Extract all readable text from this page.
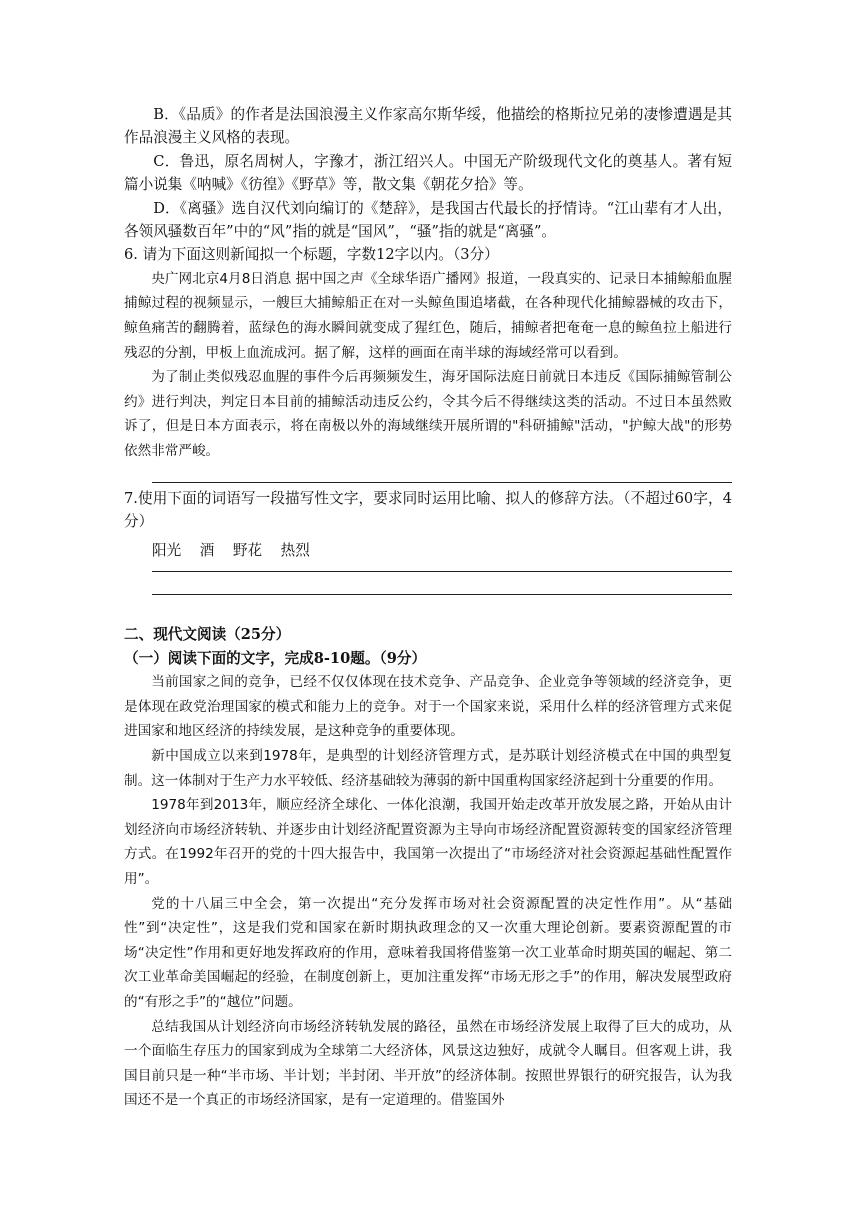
B．《品质》的作者是法国浪漫主义作家高尔斯华绥，他描绘的格斯拉兄弟的凄惨遭遇是其作品浪漫主义风格的表现。

C．鲁迅，原名周树人，字豫才，浙江绍兴人。中国无产阶级现代文化的奠基人。著有短篇小说集《呐喊》《彷徨》《野草》等，散文集《朝花夕拾》等。

D．《离骚》选自汉代刘向编订的《楚辞》，是我国古代最长的抒情诗。“江山辈有才人出，各领风骚数百年”中的“风”指的就是“国风”，“骚”指的就是“离骚”。

6. 请为下面这则新闻拟一个标题，字数12字以内。（3分）

央广网北京4月8日消息 据中国之声《全球华语广播网》报道，一段真实的、记录日本捕鲸船血腥捕鲸过程的视频显示，一艘巨大捕鲸船正在对一头鲸鱼围追堵截，在各种现代化捕鲸器械的攻击下，鲸鱼痛苦的翻腾着，蓝绿色的海水瞬间就变成了猩红色，随后，捕鲸者把奄奄一息的鲸鱼拉上船进行残忍的分割，甲板上血流成河。据了解，这样的画面在南半球的海域经常可以看到。

为了制止类似残忍血腥的事件今后再频频发生，海牙国际法庭日前就日本违反《国际捕鲸管制公约》进行判决，判定日本目前的捕鲸活动违反公约，令其今后不得继续这类的活动。不过日本虽然败诉了，但是日本方面表示，将在南极以外的海域继续开展所谓的"科研捕鲸"活动，"护鲸大战"的形势依然非常严峻。

7.使用下面的词语写一段描写性文字，要求同时运用比喻、拟人的修辞方法。（不超过60字，4分）

阳光    酒    野花    热烈

二、现代文阅读（25分）

（一）阅读下面的文字，完成8-10题。（9分）

当前国家之间的竞争，已经不仅仅体现在技术竞争、产品竞争、企业竞争等领域的经济竞争，更是体现在政党治理国家的模式和能力上的竞争。对于一个国家来说，采用什么样的经济管理方式来促进国家和地区经济的持续发展，是这种竞争的重要体现。

新中国成立以来到1978年，是典型的计划经济管理方式，是苏联计划经济模式在中国的典型复制。这一体制对于生产力水平较低、经济基础较为薄弱的新中国重构国家经济起到十分重要的作用。

1978年到2013年，顺应经济全球化、一体化浪潮，我国开始走改革开放发展之路，开始从由计划经济向市场经济转轨、并逐步由计划经济配置资源为主导向市场经济配置资源转变的国家经济管理方式。在1992年召开的党的十四大报告中，我国第一次提出了“市场经济对社会资源起基础性配置作用”。

党的十八届三中全会，第一次提出“充分发挥市场对社会资源配置的决定性作用”。从“基础性”到“决定性”，这是我们党和国家在新时期执政理念的又一次重大理论创新。要素资源配置的市场“决定性”作用和更好地发挥政府的作用，意味着我国将借鉴第一次工业革命时期英国的崛起、第二次工业革命美国崛起的经验，在制度创新上，更加注重发挥“市场无形之手”的作用，解决发展型政府的“有形之手”的“越位”问题。

总结我国从计划经济向市场经济转轨发展的路径，虽然在市场经济发展上取得了巨大的成功，从一个面临生存压力的国家到成为全球第二大经济体，风景这边独好，成就令人瞩目。但客观上讲，我国目前只是一种“半市场、半计划；半封闭、半开放”的经济体制。按照世界银行的研究报告，认为我国还不是一个真正的市场经济国家，是有一定道理的。借鉴国外
